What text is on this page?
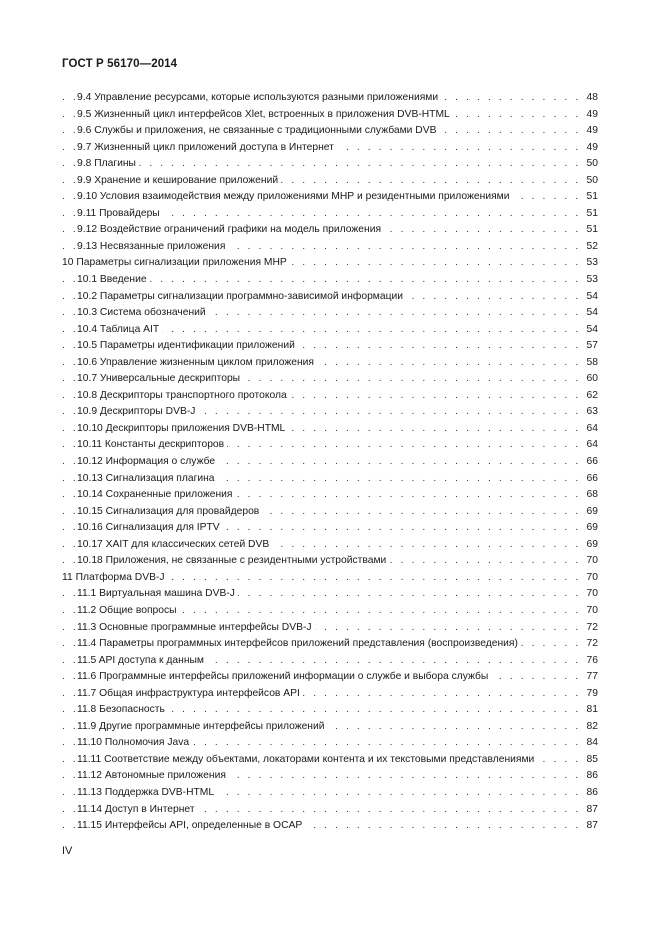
ГОСТ Р 56170—2014
. . .
9.4 Управление ресурсами, которые используются разными приложениями	48
. . .
9.5 Жизненный цикл интерфейсов Xlet, встроенных в приложения DVB-HTML	49
. . .
9.6 Службы и приложения, не связанные с традиционными службами DVB	49
. . .
9.7 Жизненный цикл приложений доступа в Интернет	49
. . .
9.8 Плагины	50
. . .
9.9 Хранение и кеширование приложений	50
. . .
9.10 Условия взаимодействия между приложениями МНР и резидентными приложениями	51
. . .
9.11 Провайдеры	51
. . .
9.12 Воздействие ограничений графики на модель приложения	51
. . .
9.13 Несвязанные приложения	52
. . .
10 Параметры сигнализации приложения МНР	53
. . .
10.1 Введение	53
. . .
10.2 Параметры сигнализации программно-зависимой информации	54
. . .
10.3 Система обозначений	54
. . .
10.4 Таблица AIT	54
. . .
10.5 Параметры идентификации приложений	57
. . .
10.6 Управление жизненным циклом приложения	58
. . .
10.7 Универсальные дескрипторы	60
. . .
10.8 Дескрипторы транспортного протокола	62
. . .
10.9 Дескрипторы DVB-J	63
. . .
10.10 Дескрипторы приложения DVB-HTML	64
. . .
10.11 Константы дескрипторов	64
. . .
10.12 Информация о службе	66
. . .
10.13 Сигнализация плагина	66
. . .
10.14 Сохраненные приложения	68
. . .
10.15 Сигнализация для провайдеров	69
. . .
10.16 Сигнализация для IPTV	69
. . .
10.17 XAIT для классических сетей DVB	69
. . .
10.18 Приложения, не связанные с резидентными устройствами	70
. . .
11 Платформа DVB-J	70
. . .
11.1 Виртуальная машина DVB-J	70
. . .
11.2 Общие вопросы	70
. . .
11.3 Основные программные интерфейсы DVB-J	72
. . .
11.4 Параметры программных интерфейсов приложений представления (воспроизведения)	72
. . .
11.5 API доступа к данным	76
. . .
11.6 Программные интерфейсы приложений информации о службе и выбора службы	77
. . .
11.7 Общая инфраструктура интерфейсов API	79
. . .
11.8 Безопасность	81
. . .
11.9 Другие программные интерфейсы приложений	82
. . .
11.10 Полномочия Java	84
. . .
11.11 Соответствие между объектами, локаторами контента и их текстовыми представлениями	85
. . .
11.12 Автономные приложения	86
. . .
11.13 Поддержка DVB-HTML	86
. . .
11.14 Доступ в Интернет	87
. . .
11.15 Интерфейсы API, определенные в OCAP	87
IV
